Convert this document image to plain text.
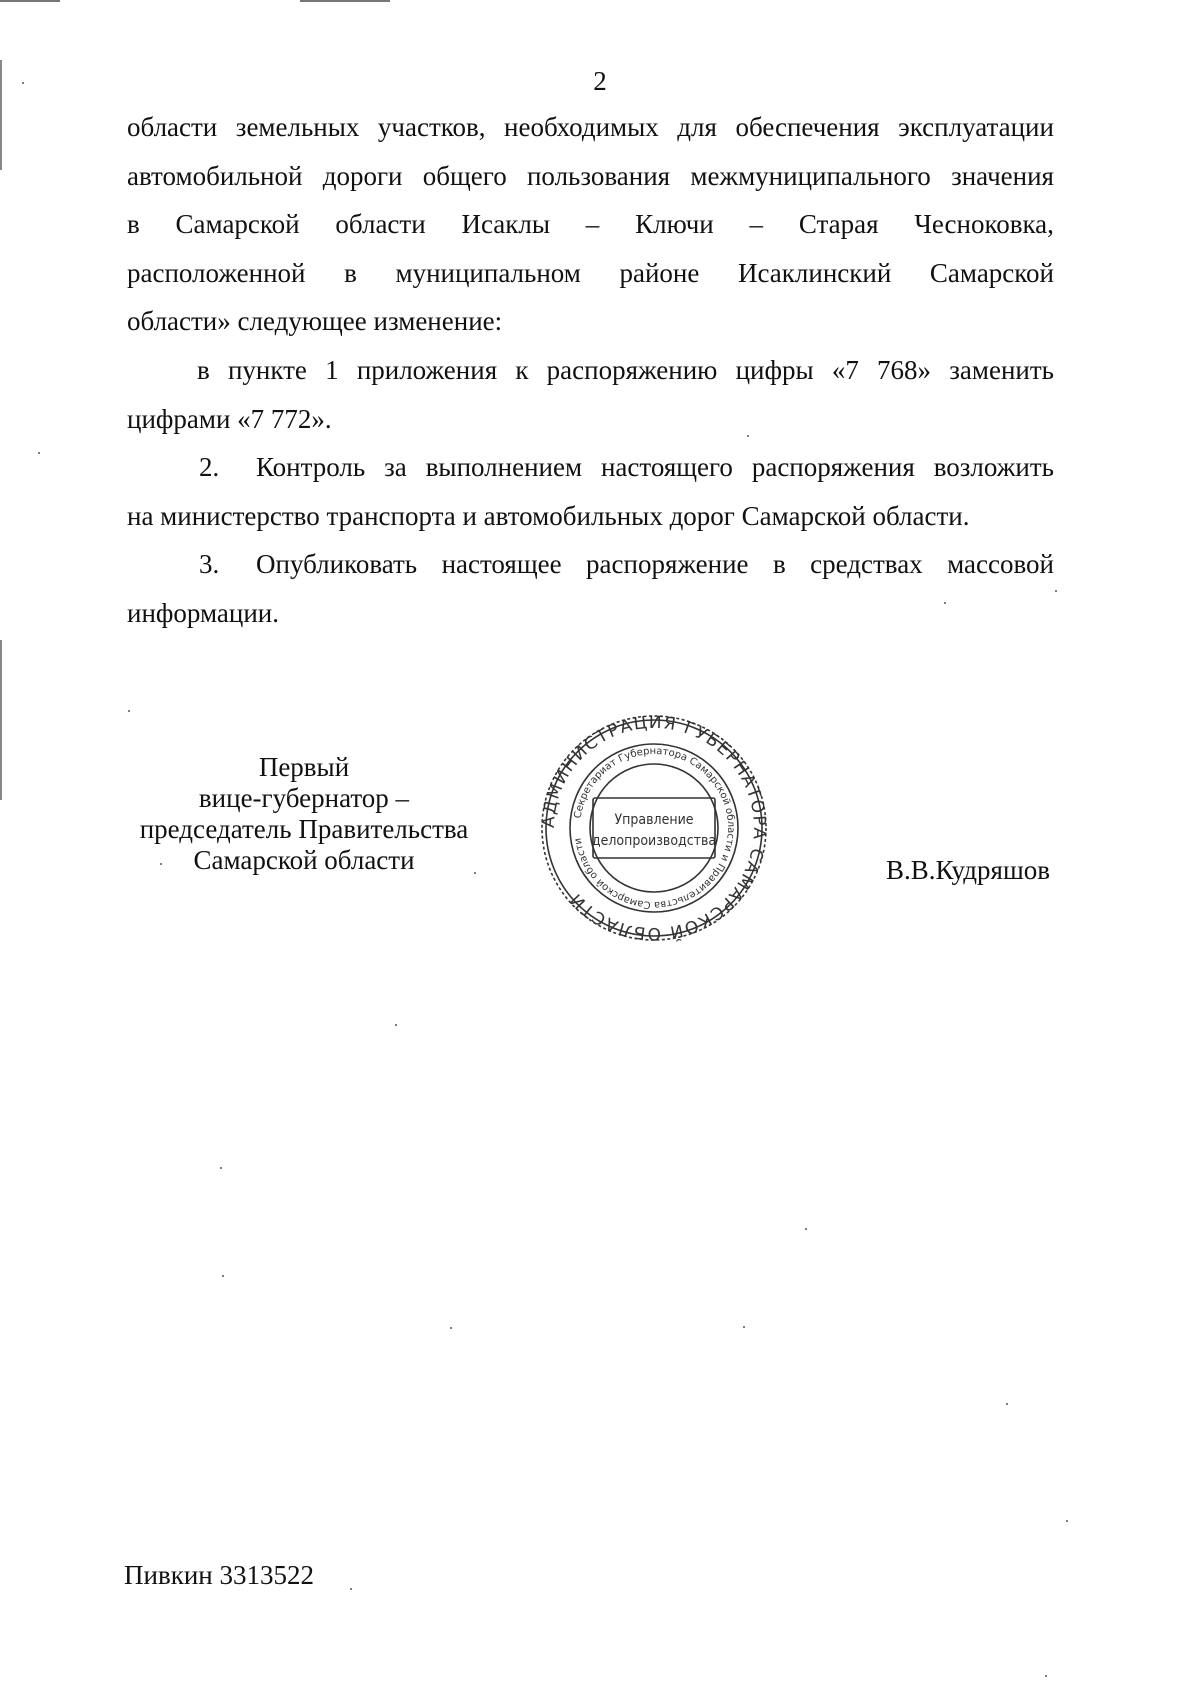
2
области земельных участков, необходимых для обеспечения эксплуатации
автомобильной дороги общего пользования межмуниципального значения
в Самарской области Исаклы – Ключи – Старая Чесноковка,
расположенной в муниципальном районе Исаклинский Самарской
области» следующее изменение:
в пункте 1 приложения к распоряжению цифры «7 768» заменить
цифрами «7 772».
2.	Контроль за выполнением настоящего распоряжения возложить
на министерство транспорта и автомобильных дорог Самарской области.
3.	Опубликовать настоящее распоряжение в средствах массовой
информации.
Первый
вице-губернатор –
председатель Правительства
Самарской области
АДМИНИСТРАЦИЯ ГУБЕРНАТОРА САМАРСКОЙ ОБЛАСТИ
Секретариат Губернатора Самарской области и Правительства Самарской области
Управление
делопроизводства
В.В.Кудряшов
Пивкин 3313522
